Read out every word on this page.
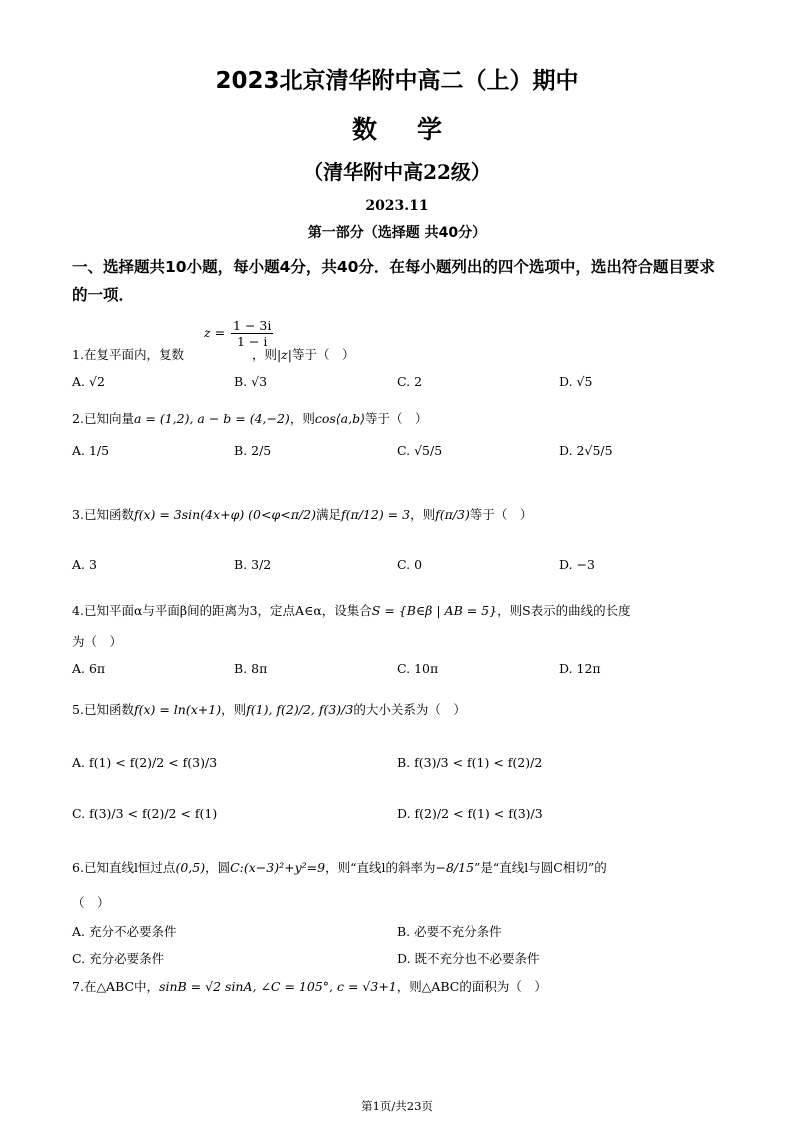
2023北京清华附中高二（上）期中
数学
（清华附中高22级）
2023.11
第一部分（选择题 共40分）
一、选择题共10小题，每小题4分，共40分．在每小题列出的四个选项中，选出符合题目要求的一项．
$z = \frac{1 - 3i}{1 - i}$
1.在复平面内，复数	，则|z|等于（　）
A. √2	B. √3	C. 2	D. √5
2.已知向量a = (1,2), a − b = (4,−2)，则cos⟨a,b⟩等于（　）
A. 1/5	B. 2/5	C. √5/5	D. 2√5/5
3.已知函数f(x) = 3sin(4x+φ) (0<φ<π/2)满足f(π/12) = 3，则f(π/3)等于（　）
A. 3	B. 3/2	C. 0	D. −3
4.已知平面α与平面β间的距离为3，定点A∈α，设集合S = {B∈β | AB = 5}，则S表示的曲线的长度
为（　）
A. 6π	B. 8π	C. 10π	D. 12π
5.已知函数f(x) = ln(x+1)，则f(1), f(2)/2, f(3)/3的大小关系为（　）
A. f(1) < f(2)/2 < f(3)/3	B. f(3)/3 < f(1) < f(2)/2
C. f(3)/3 < f(2)/2 < f(1)	D. f(2)/2 < f(1) < f(3)/3
6.已知直线l恒过点(0,5)，圆C:(x−3)²+y²=9，则“直线l的斜率为−8/15”是“直线l与圆C相切”的
（　）
A. 充分不必要条件	B. 必要不充分条件
C. 充分必要条件	D. 既不充分也不必要条件
7.在△ABC中，sinB = √2 sinA, ∠C = 105°, c = √3+1，则△ABC的面积为（　）
第1页/共23页
